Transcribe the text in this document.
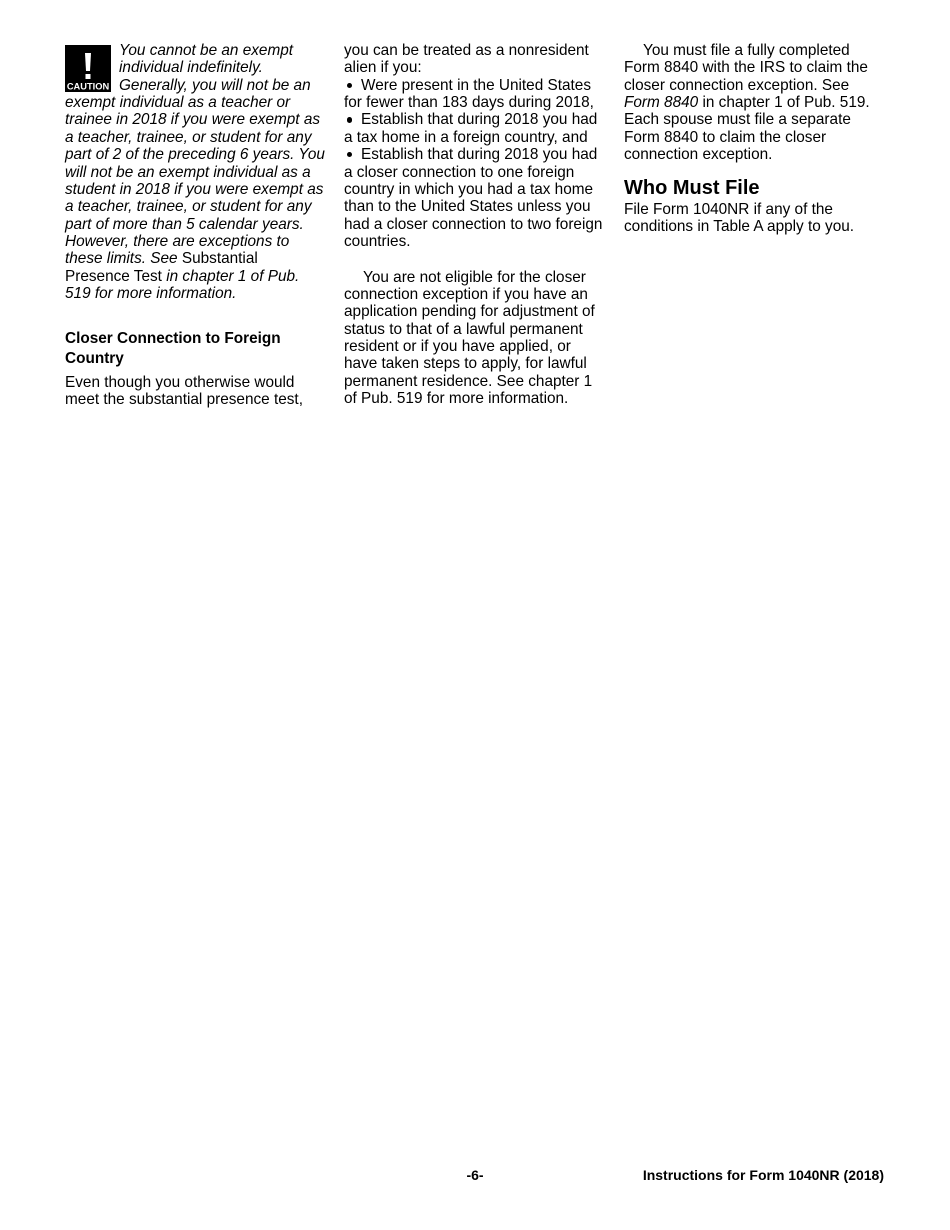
CAUTION
You cannot be an exempt
individual indefinitely.
Generally, you will not be an
exempt individual as a teacher or
trainee in 2018 if you were exempt as
a teacher, trainee, or student for any
part of 2 of the preceding 6 years. You
will not be an exempt individual as a
student in 2018 if you were exempt as
a teacher, trainee, or student for any
part of more than 5 calendar years.
However, there are exceptions to
these limits. See Substantial
Presence Test in chapter 1 of Pub.
519 for more information.
Closer Connection to Foreign
Country
Even though you otherwise would
meet the substantial presence test,
you can be treated as a nonresident
alien if you:
Were present in the United States
for fewer than 183 days during 2018,
Establish that during 2018 you had
a tax home in a foreign country, and
Establish that during 2018 you had
a closer connection to one foreign
country in which you had a tax home
than to the United States unless you
had a closer connection to two foreign
countries.
You are not eligible for the closer
connection exception if you have an
application pending for adjustment of
status to that of a lawful permanent
resident or if you have applied, or
have taken steps to apply, for lawful
permanent residence. See chapter 1
of Pub. 519 for more information.
You must file a fully completed
Form 8840 with the IRS to claim the
closer connection exception. See
Form 8840 in chapter 1 of Pub. 519.
Each spouse must file a separate
Form 8840 to claim the closer
connection exception.
Who Must File
File Form 1040NR if any of the
conditions in Table A apply to you.
-6-	Instructions for Form 1040NR (2018)
